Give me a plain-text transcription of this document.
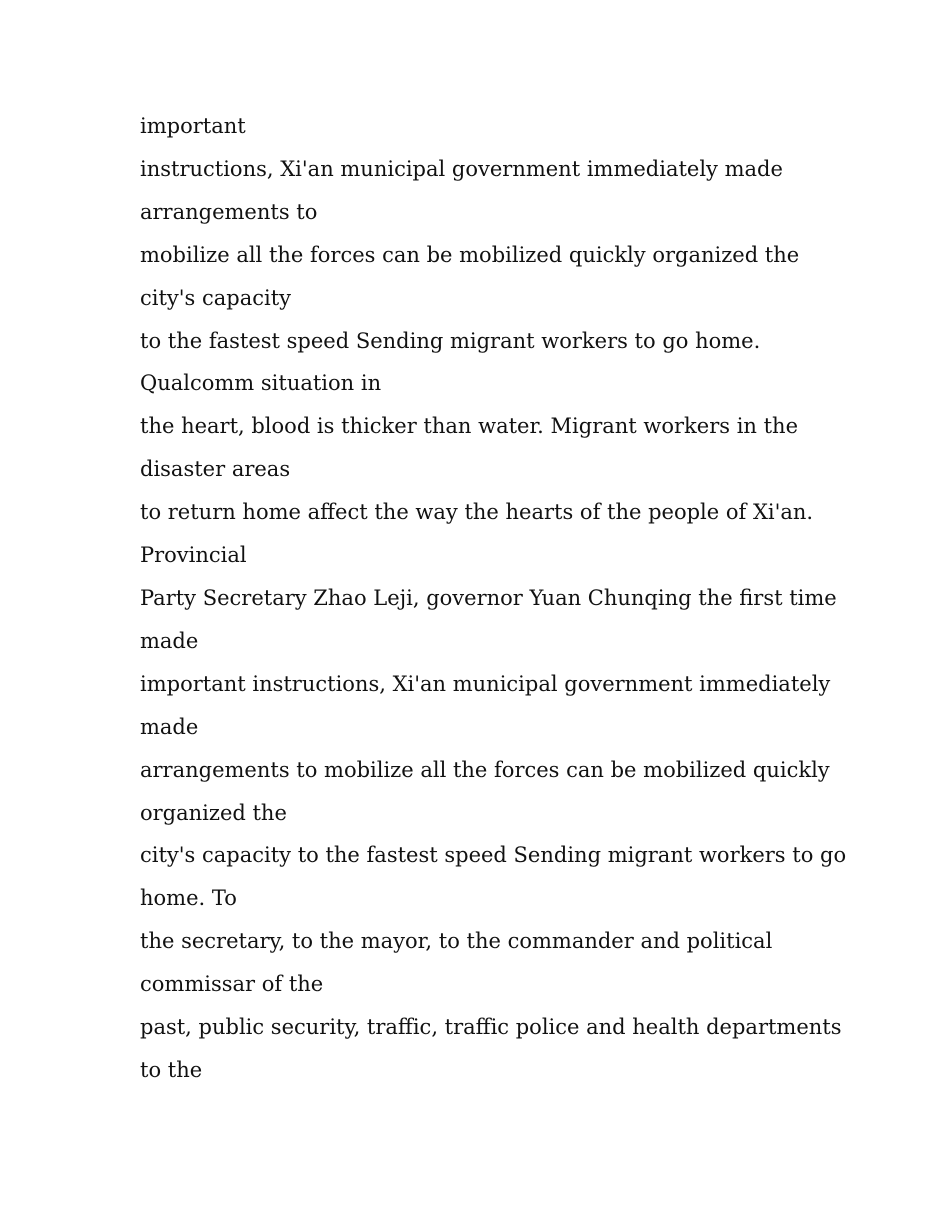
important
instructions, Xi'an municipal government immediately made
arrangements to
mobilize all the forces can be mobilized quickly organized the
city's capacity
to the fastest speed Sending migrant workers to go home.
Qualcomm situation in
the heart, blood is thicker than water. Migrant workers in the
disaster areas
to return home affect the way the hearts of the people of Xi'an.
Provincial
Party Secretary Zhao Leji, governor Yuan Chunqing the first time
made
important instructions, Xi'an municipal government immediately
made
arrangements to mobilize all the forces can be mobilized quickly
organized the
city's capacity to the fastest speed Sending migrant workers to go
home. To
the secretary, to the mayor, to the commander and political
commissar of the
past, public security, traffic, traffic police and health departments
to the
